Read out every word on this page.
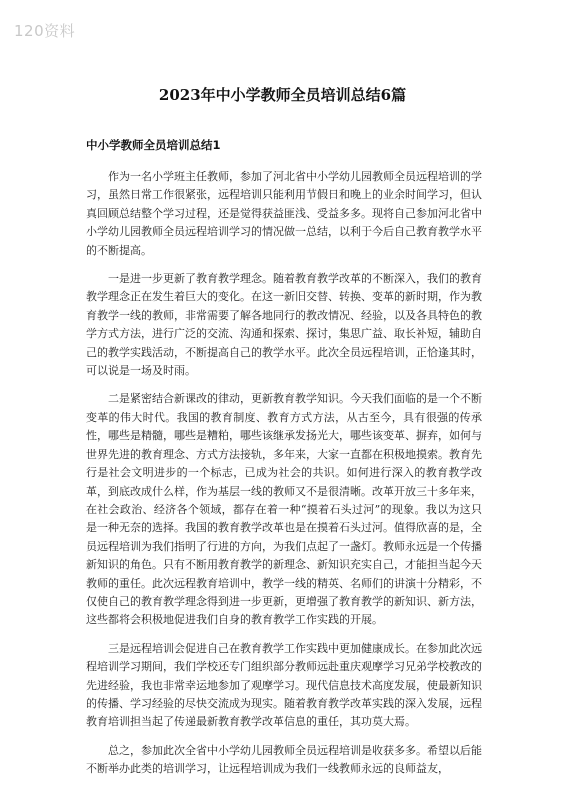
120资料
2023年中小学教师全员培训总结6篇
中小学教师全员培训总结1

作为一名小学班主任教师，参加了河北省中小学幼儿园教师全员远程培训的学习，虽然日常工作很紧张，远程培训只能利用节假日和晚上的业余时间学习，但认真回顾总结整个学习过程，还是觉得获益匪浅、受益多多。现将自己参加河北省中小学幼儿园教师全员远程培训学习的情况做一总结，以利于今后自己教育教学水平的不断提高。

一是进一步更新了教育教学理念。随着教育教学改革的不断深入，我们的教育教学理念正在发生着巨大的变化。在这一新旧交替、转换、变革的新时期，作为教育教学一线的教师，非常需要了解各地同行的教改情况、经验，以及各具特色的教学方式方法，进行广泛的交流、沟通和探索、探讨，集思广益、取长补短，辅助自己的教学实践活动，不断提高自己的教学水平。此次全员远程培训，正恰逢其时，可以说是一场及时雨。

二是紧密结合新课改的律动，更新教育教学知识。今天我们面临的是一个不断变革的伟大时代。我国的教育制度、教育方式方法，从古至今，具有很强的传承性，哪些是精髓，哪些是糟粕，哪些该继承发扬光大，哪些该变革、摒弃，如何与世界先进的教育理念、方式方法接轨，多年来，大家一直都在积极地摸索。教育先行是社会文明进步的一个标志，已成为社会的共识。如何进行深入的教育教学改革，到底改成什么样，作为基层一线的教师又不是很清晰。改革开放三十多年来，在社会政治、经济各个领域，都存在着一种“摸着石头过河”的现象。我以为这只是一种无奈的选择。我国的教育教学改革也是在摸着石头过河。值得欣喜的是，全员远程培训为我们指明了行进的方向，为我们点起了一盏灯。教师永远是一个传播新知识的角色。只有不断用教育教学的新理念、新知识充实自己，才能担当起今天教师的重任。此次远程教育培训中，教学一线的精英、名师们的讲演十分精彩，不仅使自己的教育教学理念得到进一步更新，更增强了教育教学的新知识、新方法，这些都将会积极地促进我们自身的教育教学工作实践的开展。

三是远程培训会促进自己在教育教学工作实践中更加健康成长。在参加此次远程培训学习期间，我们学校还专门组织部分教师远赴重庆观摩学习兄弟学校教改的先进经验，我也非常幸运地参加了观摩学习。现代信息技术高度发展，使最新知识的传播、学习经验的尽快交流成为现实。随着教育教学改革实践的深入发展，远程教育培训担当起了传递最新教育教学改革信息的重任，其功莫大焉。

总之，参加此次全省中小学幼儿园教师全员远程培训是收获多多。希望以后能不断举办此类的培训学习，让远程培训成为我们一线教师永远的良师益友，
